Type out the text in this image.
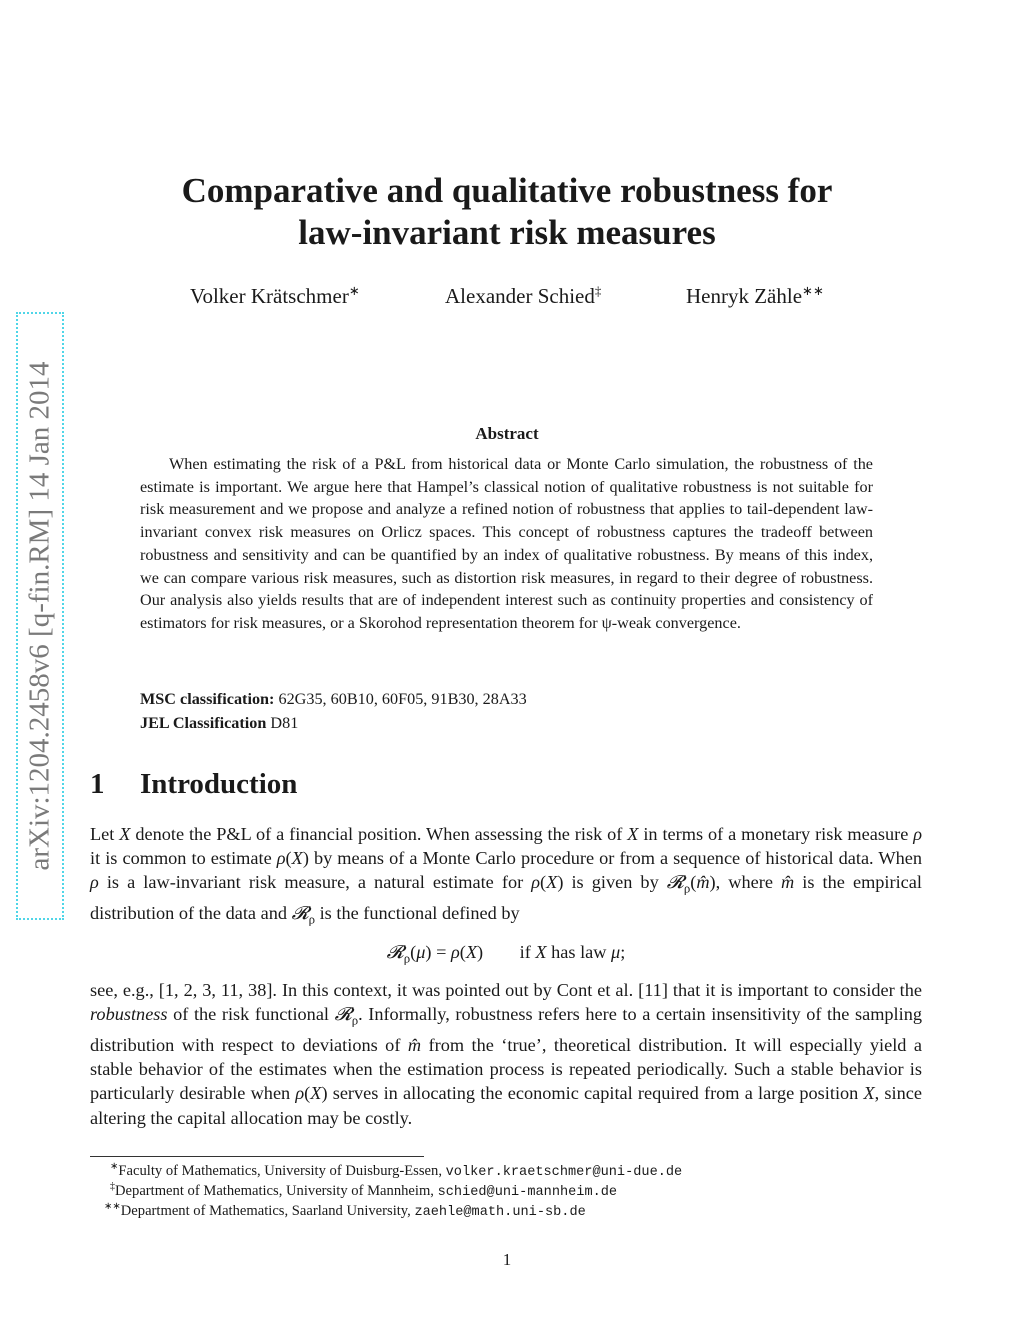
arXiv:1204.2458v6 [q-fin.RM] 14 Jan 2014
Comparative and qualitative robustness for
law-invariant risk measures
Volker Krätschmer∗	Alexander Schied‡	Henryk Zähle∗∗
Abstract
When estimating the risk of a P&L from historical data or Monte Carlo simulation, the robustness of the estimate is important. We argue here that Hampel’s classical notion of qualitative robustness is not suitable for risk measurement and we propose and analyze a refined notion of robustness that applies to tail-dependent law-invariant convex risk measures on Orlicz spaces. This concept of robustness captures the tradeoff between robustness and sensitivity and can be quantified by an index of qualitative robustness. By means of this index, we can compare various risk measures, such as distortion risk measures, in regard to their degree of robustness. Our analysis also yields results that are of independent interest such as continuity properties and consistency of estimators for risk measures, or a Skorohod representation theorem for ψ-weak convergence.
MSC classification: 62G35, 60B10, 60F05, 91B30, 28A33
JEL Classification D81
1 Introduction
Let X denote the P&L of a financial position. When assessing the risk of X in terms of a monetary risk measure ρ it is common to estimate ρ(X) by means of a Monte Carlo procedure or from a sequence of historical data. When ρ is a law-invariant risk measure, a natural estimate for ρ(X) is given by 𝓡$_\rho$(m̂), where m̂ is the empirical distribution of the data and 𝓡$_\rho$ is the functional defined by
𝓡$_\rho$(μ) = ρ(X)        if X has law μ;
see, e.g., [1, 2, 3, 11, 38]. In this context, it was pointed out by Cont et al. [11] that it is important to consider the robustness of the risk functional 𝓡$_\rho$. Informally, robustness refers here to a certain insensitivity of the sampling distribution with respect to deviations of m̂ from the ‘true’, theoretical distribution. It will especially yield a stable behavior of the estimates when the estimation process is repeated periodically. Such a stable behavior is particularly desirable when ρ(X) serves in allocating the economic capital required from a large position X, since altering the capital allocation may be costly.
∗Faculty of Mathematics, University of Duisburg-Essen, volker.kraetschmer@uni-due.de
‡Department of Mathematics, University of Mannheim, schied@uni-mannheim.de
∗∗Department of Mathematics, Saarland University, zaehle@math.uni-sb.de
1
